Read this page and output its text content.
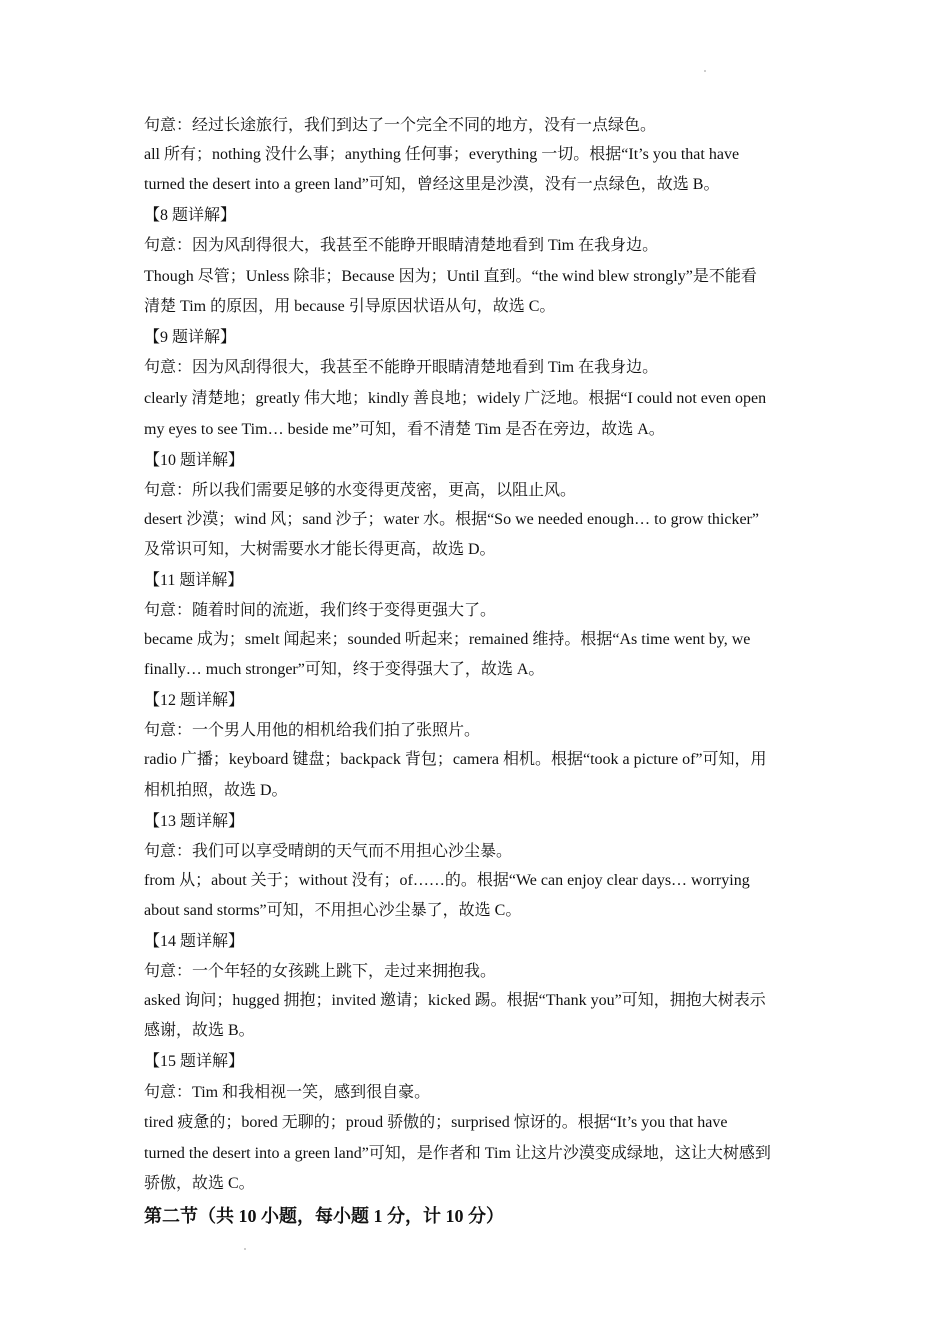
句意：经过长途旅行，我们到达了一个完全不同的地方，没有一点绿色。
all 所有；nothing 没什么事；anything 任何事；everything 一切。根据“It’s you that have
turned the desert into a green land”可知，曾经这里是沙漠，没有一点绿色，故选 B。
【8 题详解】
句意：因为风刮得很大，我甚至不能睁开眼睛清楚地看到 Tim 在我身边。
Though 尽管；Unless 除非；Because 因为；Until 直到。“the wind blew strongly”是不能看
清楚 Tim 的原因，用 because 引导原因状语从句，故选 C。
【9 题详解】
句意：因为风刮得很大，我甚至不能睁开眼睛清楚地看到 Tim 在我身边。
clearly 清楚地；greatly 伟大地；kindly 善良地；widely 广泛地。根据“I could not even open
my eyes to see Tim… beside me”可知，看不清楚 Tim 是否在旁边，故选 A。
【10 题详解】
句意：所以我们需要足够的水变得更茂密，更高，以阻止风。
desert 沙漠；wind 风；sand 沙子；water 水。根据“So we needed enough… to grow thicker”
及常识可知，大树需要水才能长得更高，故选 D。
【11 题详解】
句意：随着时间的流逝，我们终于变得更强大了。
became 成为；smelt 闻起来；sounded 听起来；remained 维持。根据“As time went by, we
finally… much stronger”可知，终于变得强大了，故选 A。
【12 题详解】
句意：一个男人用他的相机给我们拍了张照片。
radio 广播；keyboard 键盘；backpack 背包；camera 相机。根据“took a picture of”可知，用
相机拍照，故选 D。
【13 题详解】
句意：我们可以享受晴朗的天气而不用担心沙尘暴。
from 从；about 关于；without 没有；of……的。根据“We can enjoy clear days… worrying
about sand storms”可知，不用担心沙尘暴了，故选 C。
【14 题详解】
句意：一个年轻的女孩跳上跳下，走过来拥抱我。
asked 询问；hugged 拥抱；invited 邀请；kicked 踢。根据“Thank you”可知，拥抱大树表示
感谢，故选 B。
【15 题详解】
句意：Tim 和我相视一笑，感到很自豪。
tired 疲惫的；bored 无聊的；proud 骄傲的；surprised 惊讶的。根据“It’s you that have
turned the desert into a green land”可知，是作者和 Tim 让这片沙漠变成绿地，这让大树感到
骄傲，故选 C。
第二节（共 10 小题，每小题 1 分，计 10 分）
